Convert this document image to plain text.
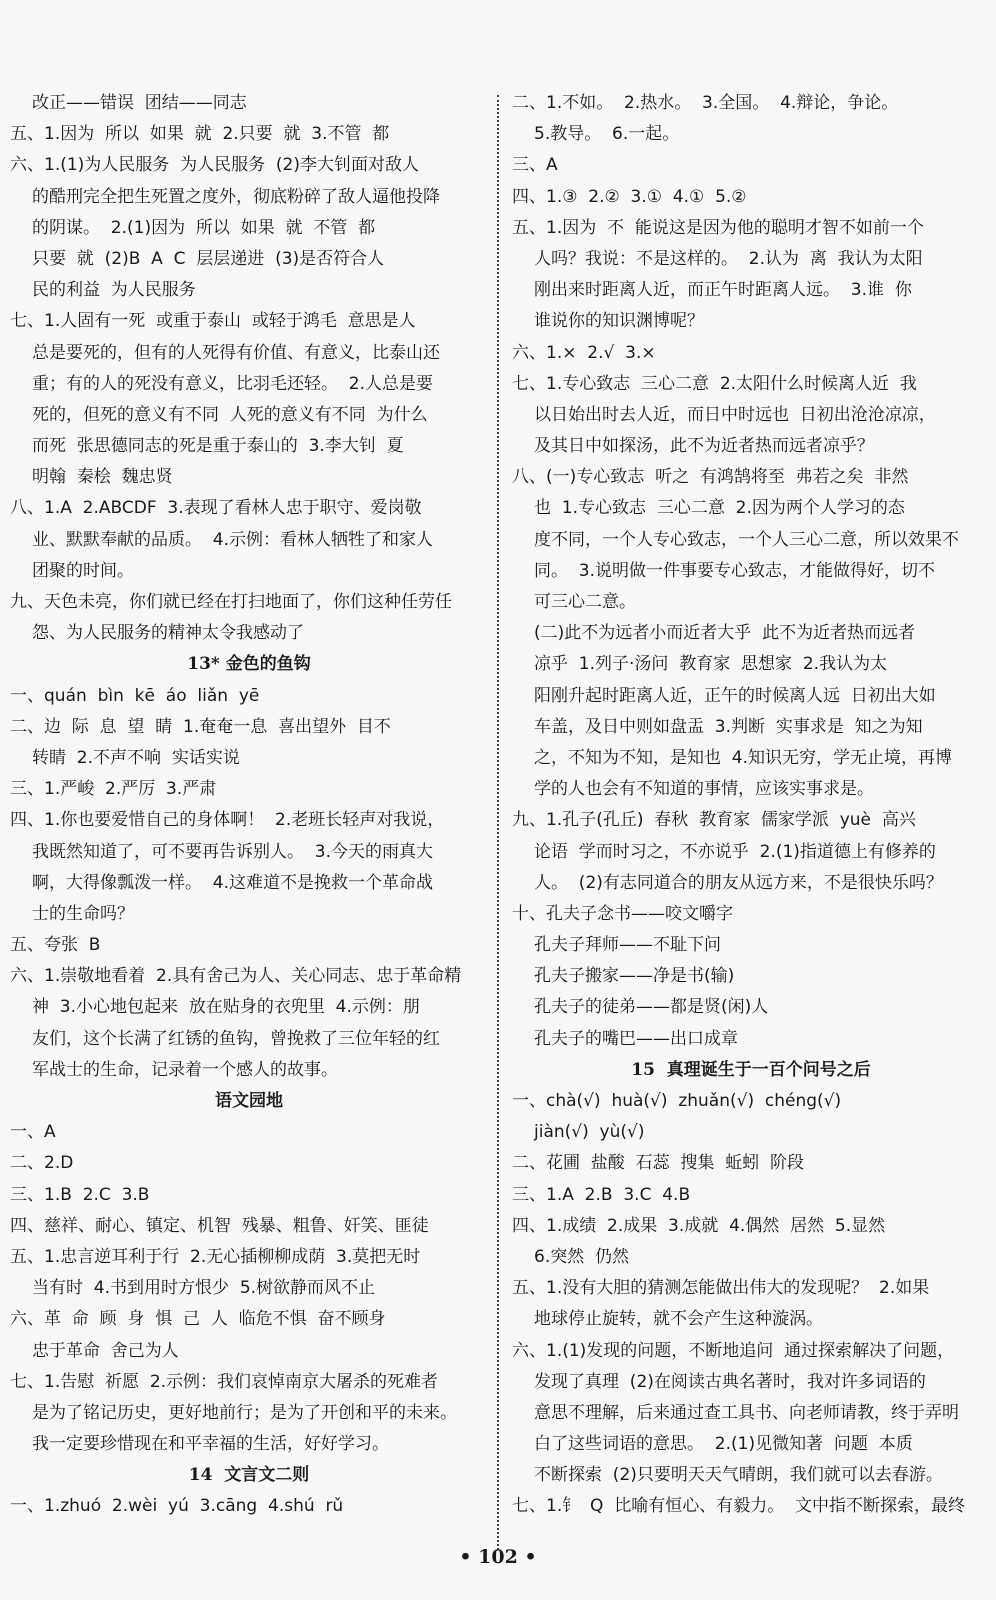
改正——错误  团结——同志
五、1.因为  所以  如果  就  2.只要  就  3.不管  都
六、1.(1)为人民服务  为人民服务  (2)李大钊面对敌人
的酷刑完全把生死置之度外，彻底粉碎了敌人逼他投降
的阴谋。  2.(1)因为  所以  如果  就  不管  都
只要  就  (2)B  A  C  层层递进  (3)是否符合人
民的利益  为人民服务
七、1.人固有一死  或重于泰山  或轻于鸿毛  意思是人
总是要死的，但有的人死得有价值、有意义，比泰山还
重；有的人的死没有意义，比羽毛还轻。  2.人总是要
死的，但死的意义有不同  人死的意义有不同  为什么
而死  张思德同志的死是重于泰山的  3.李大钊  夏
明翰  秦桧  魏忠贤
八、1.A  2.ABCDF  3.表现了看林人忠于职守、爱岗敬
业、默默奉献的品质。  4.示例：看林人牺牲了和家人
团聚的时间。
九、天色未亮，你们就已经在打扫地面了，你们这种任劳任
怨、为人民服务的精神太令我感动了
13* 金色的鱼钩
一、quán  bìn  kē  áo  liǎn  yē
二、边  际  息  望  睛  1.奄奄一息  喜出望外  目不
转睛  2.不声不响  实话实说
三、1.严峻  2.严厉  3.严肃
四、1.你也要爱惜自己的身体啊！  2.老班长轻声对我说，
我既然知道了，可不要再告诉别人。  3.今天的雨真大
啊，大得像瓢泼一样。  4.这难道不是挽救一个革命战
士的生命吗？
五、夸张  B
六、1.崇敬地看着  2.具有舍己为人、关心同志、忠于革命精
神  3.小心地包起来  放在贴身的衣兜里  4.示例：朋
友们，这个长满了红锈的鱼钩，曾挽救了三位年轻的红
军战士的生命，记录着一个感人的故事。
语文园地
一、A
二、2.D
三、1.B  2.C  3.B
四、慈祥、耐心、镇定、机智  残暴、粗鲁、奸笑、匪徒
五、1.忠言逆耳利于行  2.无心插柳柳成荫  3.莫把无时
当有时  4.书到用时方恨少  5.树欲静而风不止
六、革  命  顾  身  惧  己  人  临危不惧  奋不顾身
忠于革命  舍己为人
七、1.告慰  祈愿  2.示例：我们哀悼南京大屠杀的死难者
是为了铭记历史，更好地前行；是为了开创和平的未来。
我一定要珍惜现在和平幸福的生活，好好学习。
14  文言文二则
一、1.zhuó  2.wèi  yú  3.cāng  4.shú  rǔ
二、1.不如。  2.热水。  3.全国。  4.辩论，争论。
5.教导。  6.一起。
三、A
四、1.③  2.②  3.①  4.①  5.②
五、1.因为  不  能说这是因为他的聪明才智不如前一个
人吗？我说：不是这样的。  2.认为  离  我认为太阳
刚出来时距离人近，而正午时距离人远。  3.谁  你
谁说你的知识渊博呢？
六、1.×  2.√  3.×
七、1.专心致志  三心二意  2.太阳什么时候离人近  我
以日始出时去人近，而日中时远也  日初出沧沧凉凉，
及其日中如探汤，此不为近者热而远者凉乎？
八、(一)专心致志  听之  有鸿鹄将至  弗若之矣  非然
也  1.专心致志  三心二意  2.因为两个人学习的态
度不同，一个人专心致志，一个人三心二意，所以效果不
同。  3.说明做一件事要专心致志，才能做得好，切不
可三心二意。
(二)此不为远者小而近者大乎  此不为近者热而远者
凉乎  1.列子·汤问  教育家  思想家  2.我认为太
阳刚升起时距离人近，正午的时候离人远  日初出大如
车盖，及日中则如盘盂  3.判断  实事求是  知之为知
之，不知为不知，是知也  4.知识无穷，学无止境，再博
学的人也会有不知道的事情，应该实事求是。
九、1.孔子(孔丘)  春秋  教育家  儒家学派  yuè  高兴
论语  学而时习之，不亦说乎  2.(1)指道德上有修养的
人。  (2)有志同道合的朋友从远方来，不是很快乐吗？
十、孔夫子念书——咬文嚼字
孔夫子拜师——不耻下问
孔夫子搬家——净是书(输)
孔夫子的徒弟——都是贤(闲)人
孔夫子的嘴巴——出口成章
15  真理诞生于一百个问号之后
一、chà(√)  huà(√)  zhuǎn(√)  chéng(√)
jiàn(√)  yù(√)
二、花圃  盐酸  石蕊  搜集  蚯蚓  阶段
三、1.A  2.B  3.C  4.B
四、1.成绩  2.成果  3.成就  4.偶然  居然  5.显然
6.突然  仍然
五、1.没有大胆的猜测怎能做出伟大的发现呢？  2.如果
地球停止旋转，就不会产生这种漩涡。
六、1.(1)发现的问题，不断地追问  通过探索解决了问题，
发现了真理  (2)在阅读古典名著时，我对许多词语的
意思不理解，后来通过查工具书、向老师请教，终于弄明
白了这些词语的意思。  2.(1)见微知著  问题  本质
不断探索  (2)只要明天天气晴朗，我们就可以去春游。
七、1.钅  Q  比喻有恒心、有毅力。  文中指不断探索，最终
• 102 •
